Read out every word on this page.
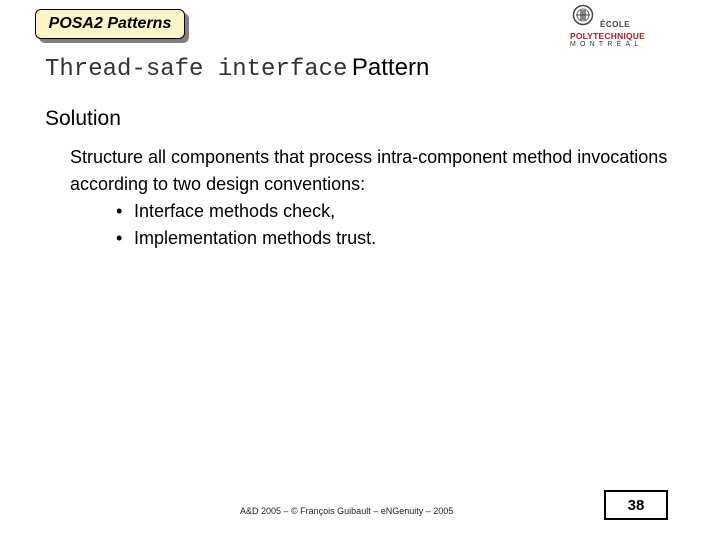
POSA2 Patterns	ÉCOLE
POLYTECHNIQUE
MONTRÉAL
Thread-safe interface Pattern
Solution
Structure all components that process intra-component method invocations according to two design conventions:
• Interface methods check,
• Implementation methods trust.
A&D 2005 – © François Guibault – eNGenuity – 2005	38
